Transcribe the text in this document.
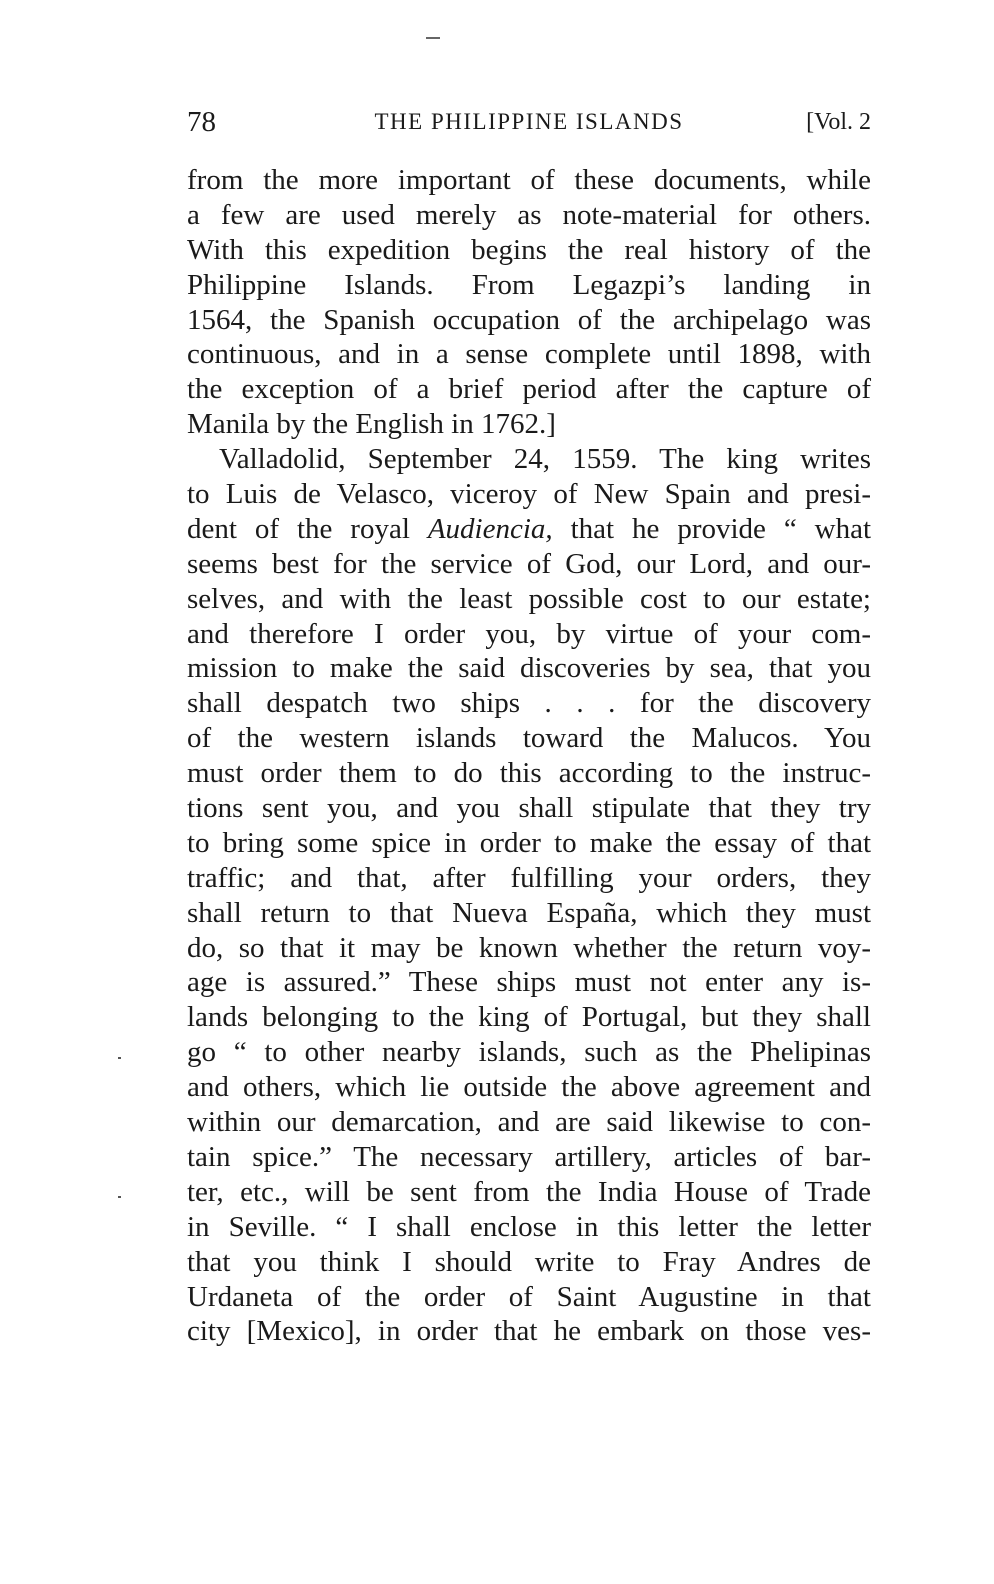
78	THE PHILIPPINE ISLANDS	[Vol. 2
from the more important of these documents, while
a few are used merely as note-material for others.
With this expedition begins the real history of the
Philippine Islands. From Legazpi’s landing in
1564, the Spanish occupation of the archipelago was
continuous, and in a sense complete until 1898, with
the exception of a brief period after the capture of
Manila by the English in 1762.]
Valladolid, September 24, 1559. The king writes
to Luis de Velasco, viceroy of New Spain and presi-
dent of the royal Audiencia, that he provide “ what
seems best for the service of God, our Lord, and our-
selves, and with the least possible cost to our estate;
and therefore I order you, by virtue of your com-
mission to make the said discoveries by sea, that you
shall despatch two ships . . . for the discovery
of the western islands toward the Malucos. You
must order them to do this according to the instruc-
tions sent you, and you shall stipulate that they try
to bring some spice in order to make the essay of that
traffic; and that, after fulfilling your orders, they
shall return to that Nueva España, which they must
do, so that it may be known whether the return voy-
age is assured.” These ships must not enter any is-
lands belonging to the king of Portugal, but they shall
go “ to other nearby islands, such as the Phelipinas
and others, which lie outside the above agreement and
within our demarcation, and are said likewise to con-
tain spice.” The necessary artillery, articles of bar-
ter, etc., will be sent from the India House of Trade
in Seville. “ I shall enclose in this letter the letter
that you think I should write to Fray Andres de
Urdaneta of the order of Saint Augustine in that
city [Mexico], in order that he embark on those ves-
